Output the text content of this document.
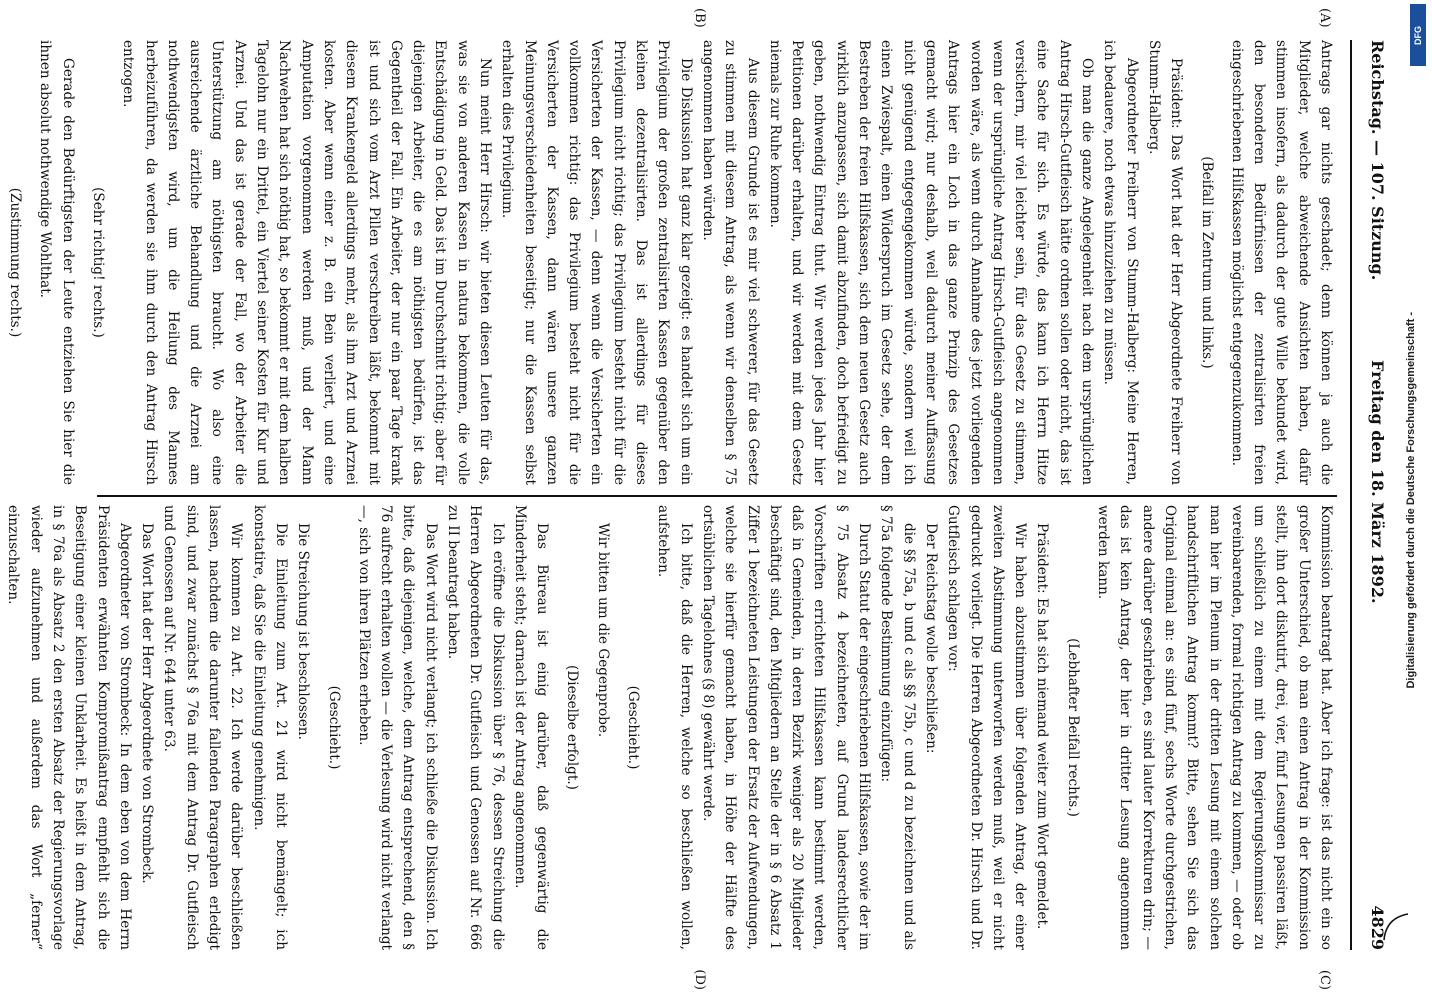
Reichstag. — 107. Sitzung.
Freitag den 18. März 1892.
4829
(A)
(B)
(C)
(D)

Antrags gar nichts geschadet; denn können ja auch die Mitglieder, welche abweichende Ansichten haben, dafür stimmen insofern, als dadurch der gute Wille bekundet wird, den besonderen Bedürfnissen der zentralisirten freien eingeschriebenen Hilfskassen möglichst entgegenzukommen.

(Beifall im Zentrum und links.)

Präsident: Das Wort hat der Herr Abgeordnete Freiherr von Stumm-Halberg.

Abgeordneter Freiherr von Stumm-Halberg: Meine Herren, ich bedauere, noch etwas hinzuziehen zu müssen.

Ob man die ganze Angelegenheit nach dem ursprünglichen Antrag Hirsch-Gutfleisch hätte ordnen sollen oder nicht, das ist eine Sache für sich. Es würde, das kann ich Herrn Hitze versichern, mir viel leichter sein, für das Gesetz zu stimmen, wenn der ursprüngliche Antrag Hirsch-Gutfleisch angenommen worden wäre, als wenn durch Annahme des jetzt vorliegenden Antrags hier ein Loch in das ganze Prinzip des Gesetzes gemacht wird; nur deshalb, weil dadurch meiner Auffassung nicht genügend entgegengekommen würde, sondern weil ich einen Zwiespalt, einen Widerspruch im Gesetz sehe, der dem Bestreben der freien Hilfskassen, sich dem neuen Gesetz auch wirklich anzupassen, sich damit abzufinden, doch befriedigt zu geben, nothwendig Eintrag thut. Wir werden jedes Jahr hier Petitionen darüber erhalten, und wir werden mit dem Gesetz niemals zur Ruhe kommen.

Aus diesem Grunde ist es mir viel schwerer, für das Gesetz zu stimmen mit diesem Antrag, als wenn wir denselben § 75 angenommen haben würden.

Die Diskussion hat ganz klar gezeigt: es handelt sich um ein Privilegium der großen zentralisirten Kassen gegenüber den kleinen dezentralisirten. Das ist allerdings für dieses Privilegium nicht richtig; das Privilegium besteht nicht für die Versicherten der Kassen, — denn wenn die Versicherten ein vollkommen richtig: das Privilegium besteht nicht für die Versicherten der Kassen, dann wären unsere ganzen Meinungsverschiedenheiten beseitigt; nur die Kassen selbst erhalten dies Privilegium.

Nun meint Herr Hirsch: wir bieten diesen Leuten für das, was sie von anderen Kassen in natura bekommen, die volle Entschädigung in Geld. Das ist im Durchschnitt richtig; aber für diejenigen Arbeiter, die es am nöthigsten bedürfen, ist das Gegentheil der Fall. Ein Arbeiter, der nur ein paar Tage krank ist und sich vom Arzt Pillen verschreiben läßt, bekommt mit diesem Krankengeld allerdings mehr, als ihm Arzt und Arznei kosten. Aber wenn einer z. B. ein Bein verliert, und eine Amputation vorgenommen werden muß, und der Mann Nachwehen hat sich nöthig hat, so bekommt er mit dem halben Tagelohn nur ein Drittel, ein Viertel seiner Kosten für Kur und Arznei. Und das ist gerade der Fall, wo der Arbeiter die Unterstützung am nöthigsten braucht. Wo also eine ausreichende ärztliche Behandlung und die Arznei am nothwendigsten wird, um die Heilung des Mannes herbeizuführen, da werden sie ihm durch den Antrag Hirsch entzogen.

(Sehr richtig! rechts.)

Gerade den Bedürftigsten der Leute entziehen Sie hier die ihnen absolut nothwendige Wohlthat.

(Zustimmung rechts.)

Kommission beantragt hat. Aber ich frage: ist das nicht ein so großer Unterschied, ob man einen Antrag in der Kommission stellt, ihn dort diskutirt, drei, vier, fünf Lesungen passiren läßt, um schließlich zu einem mit dem Regierungskommissar zu vereinbarenden, formal richtigen Antrag zu kommen, — oder ob man hier im Plenum in der dritten Lesung mit einem solchen handschriftlichen Antrag kommt? Bitte, sehen Sie sich das Original einmal an: es sind fünf, sechs Worte durchgestrichen, andere darüber geschrieben, es sind lauter Korrekturen drin; — das ist kein Antrag, der hier in dritter Lesung angenommen werden kann.

(Lebhafter Beifall rechts.)

Präsident: Es hat sich niemand weiter zum Wort gemeldet.

Wir haben abzustimmen über folgenden Antrag, der einer zweiten Abstimmung unterworfen werden muß, weil er nicht gedruckt vorliegt. Die Herren Abgeordneten Dr. Hirsch und Dr. Gutfleisch schlagen vor:

Der Reichstag wolle beschließen:

die §§ 75a, b und c als §§ 75b, c und d zu bezeichnen und als § 75a folgende Bestimmung einzufügen:

Durch Statut der eingeschriebenen Hilfskassen, sowie der im § 75 Absatz 4 bezeichneten, auf Grund landesrechtlicher Vorschriften errichteten Hilfskassen kann bestimmt werden, daß in Gemeinden, in deren Bezirk weniger als 20 Mitglieder beschäftigt sind, den Mitgliedern an Stelle der in § 6 Absatz 1 Ziffer 1 bezeichneten Leistungen der Ersatz der Aufwendungen, welche sie hierfür gemacht haben, in Höhe der Hälfte des ortsüblichen Tagelohnes (§ 8) gewährt werde.

Ich bitte, daß die Herren, welche so beschließen wollen, aufstehen.

(Geschieht.)

Wir bitten um die Gegenprobe.

(Dieselbe erfolgt.)

Das Büreau ist einig darüber, daß gegenwärtig die Minderheit steht; darnach ist der Antrag angenommen.

Ich eröffne die Diskussion über § 76, dessen Streichung die Herren Abgeordneten Dr. Gutfleisch und Genossen auf Nr. 666 zu II beantragt haben.

Das Wort wird nicht verlangt; ich schließe die Diskussion. Ich bitte, daß diejenigen, welche, dem Antrag entsprechend, den § 76 aufrecht erhalten wollen — die Verlesung wird nicht verlangt —, sich von ihren Plätzen erheben.

(Geschieht.)

Die Streichung ist beschlossen.

Die Einleitung zum Art. 21 wird nicht bemängelt; ich konstatire, daß Sie die Einleitung genehmigen.

Wir kommen zu Art. 22. Ich werde darüber beschließen lassen, nachdem die darunter fallenden Paragraphen erledigt sind, und zwar zunächst § 76a mit dem Antrag Dr. Gutfleisch und Genossen auf Nr. 644 unter 63.

Das Wort hat der Herr Abgeordnete von Strombeck.

Abgeordneter von Strombeck: In dem eben von dem Herrn Präsidenten erwähnten Kompromißantrag empfiehlt sich die Beseitigung einer kleinen Unklarheit. Es heißt in dem Antrag, in § 76a als Absatz 2 den ersten Absatz der Regierungsvorlage wieder aufzunehmen und außerdem das Wort „ferner“ einzuschalten.	Digitalisierung gefördert durch die Deutsche Forschungsgemeinschaft -
DFG
